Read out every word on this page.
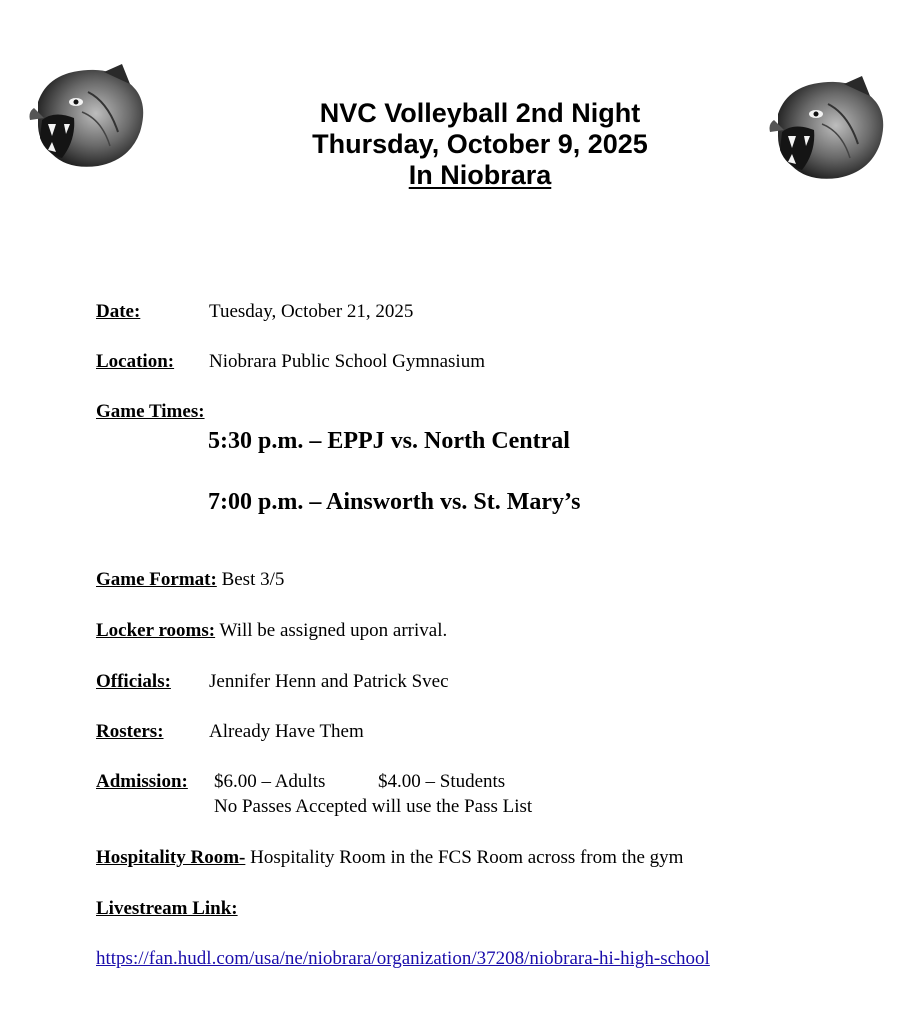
NVC Volleyball 2nd Night
Thursday, October 9, 2025
In Niobrara
Date:	Tuesday, October 21, 2025
Location: Niobrara Public School Gymnasium
Game Times:
5:30 p.m. – EPPJ vs. North Central
7:00 p.m. – Ainsworth vs. St. Mary’s
Game Format: Best 3/5
Locker rooms: Will be assigned upon arrival.
Officials: Jennifer Henn and Patrick Svec
Rosters: Already Have Them
Admission: $6.00 – Adults	$4.00 – Students
No Passes Accepted will use the Pass List
Hospitality Room- Hospitality Room in the FCS Room across from the gym
Livestream Link:
https://fan.hudl.com/usa/ne/niobrara/organization/37208/niobrara-hi-high-school
